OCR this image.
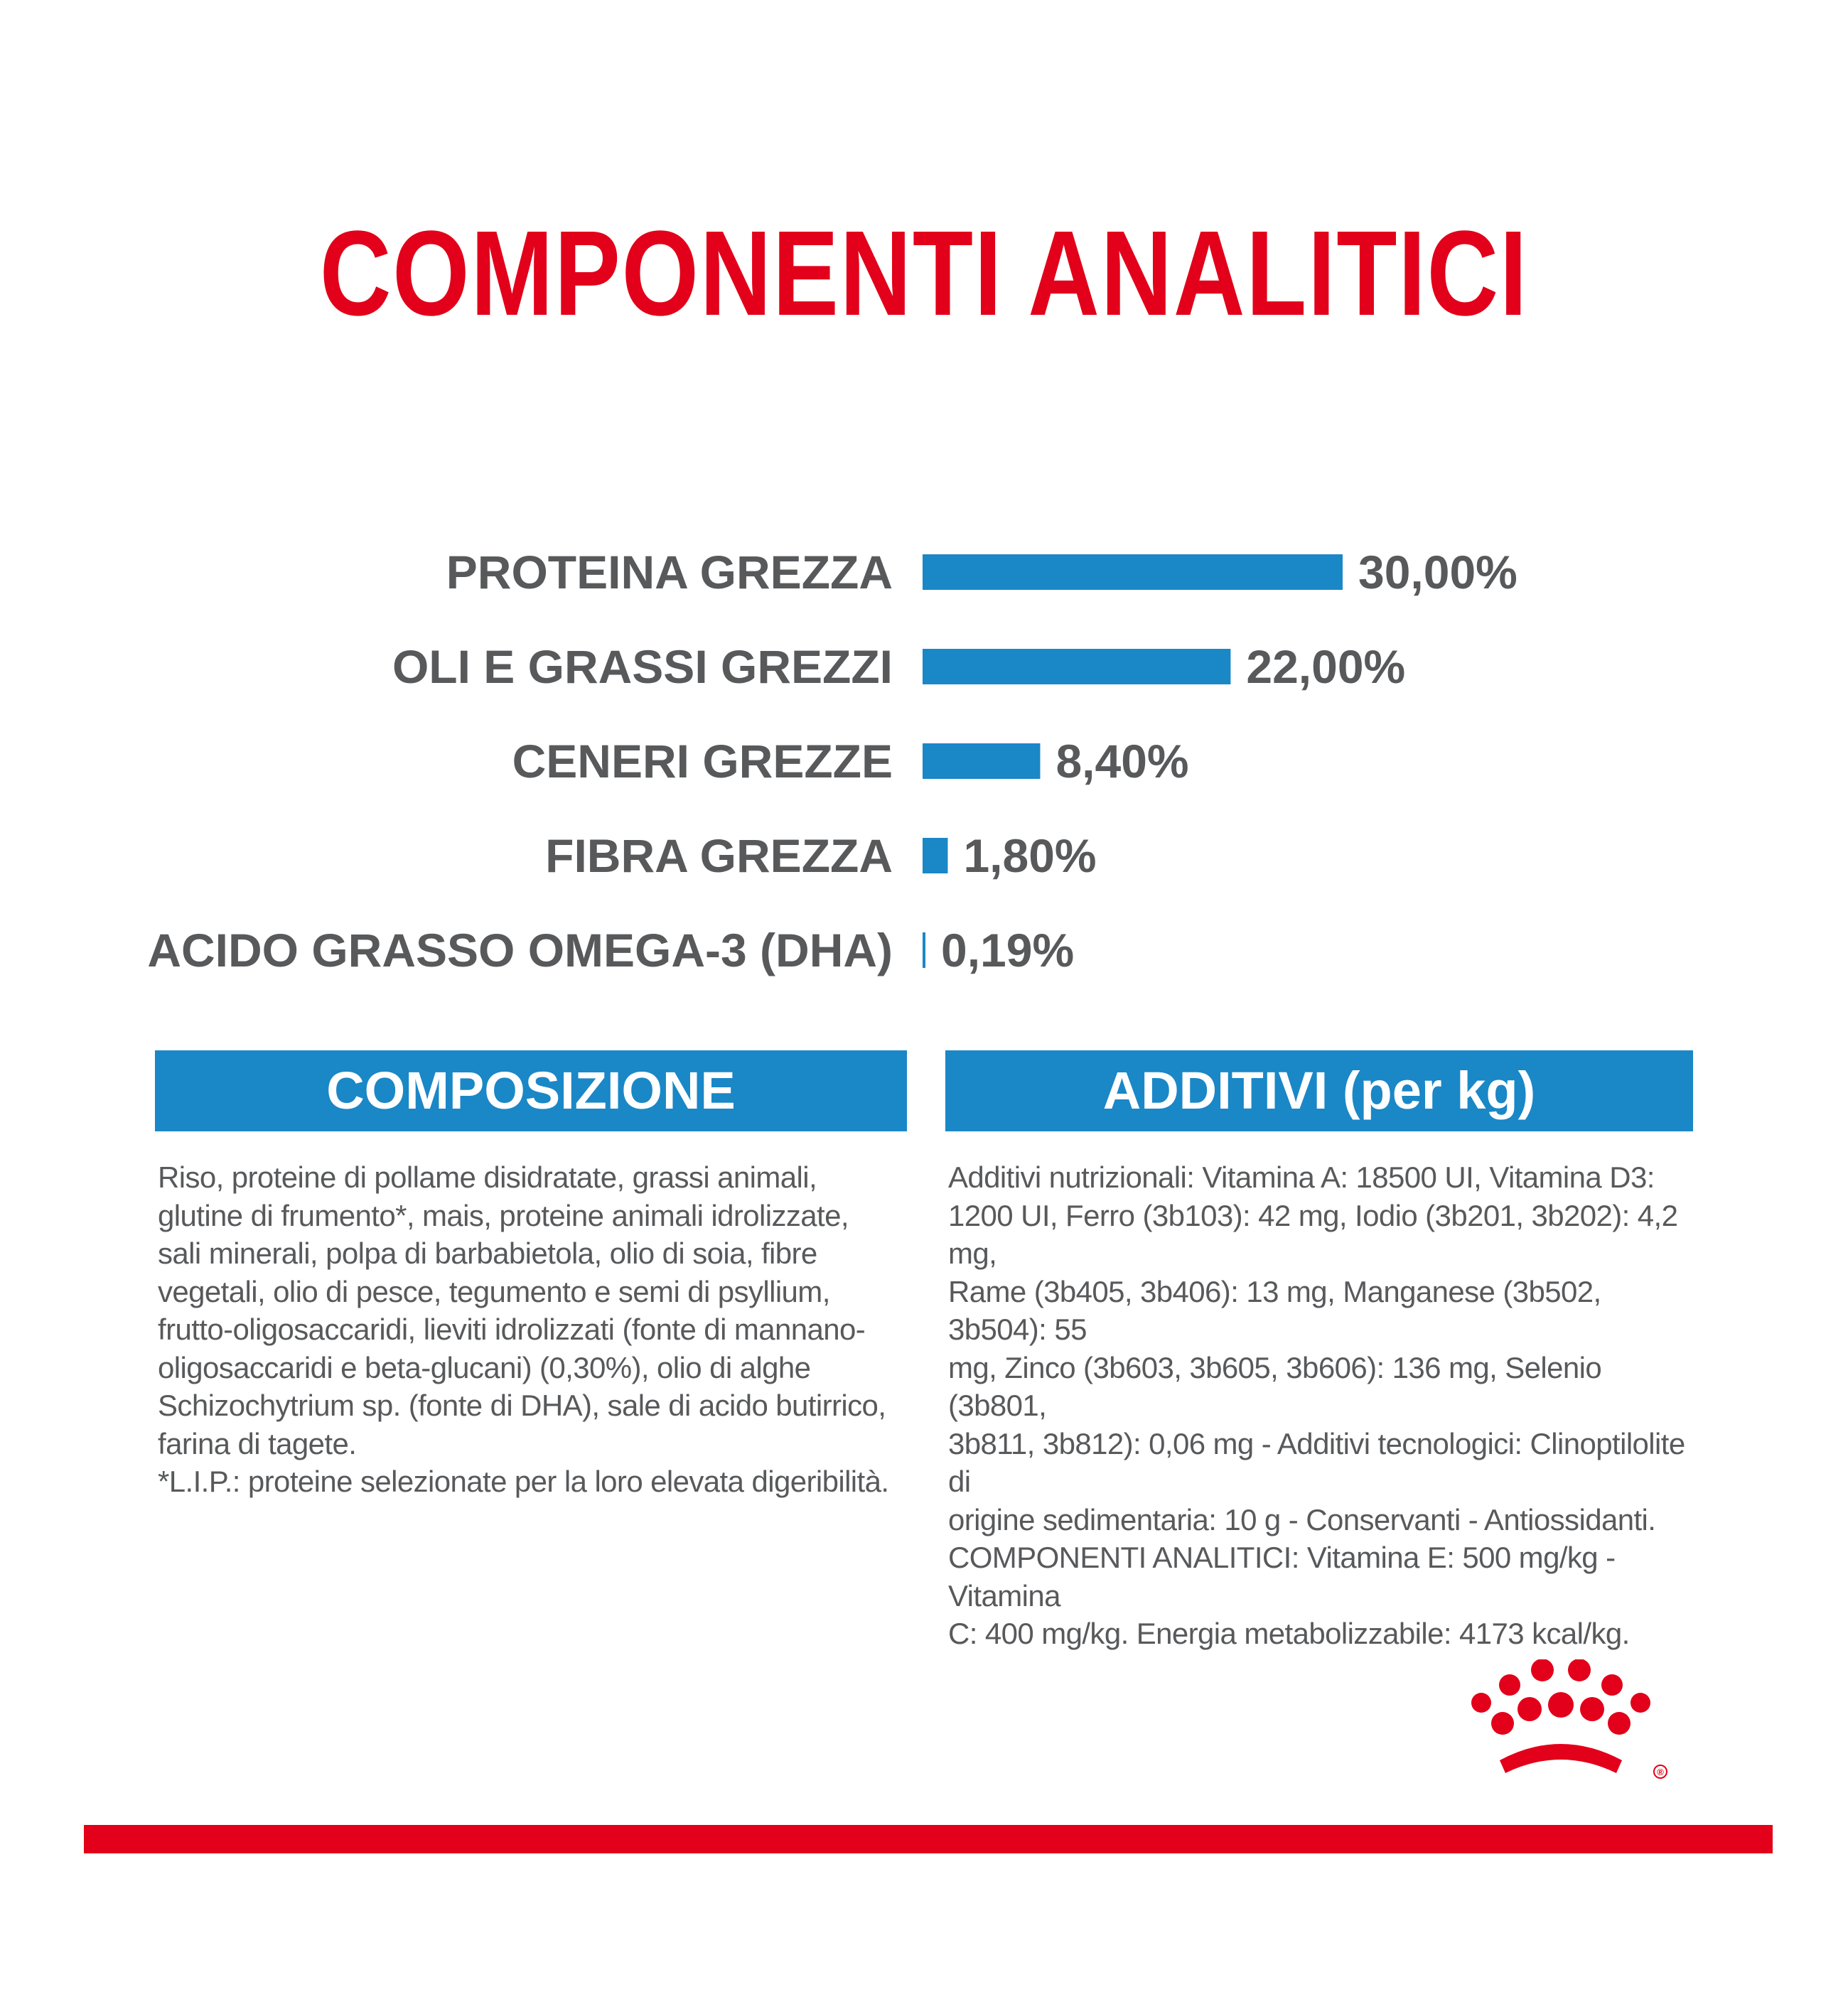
COMPONENTI ANALITICI
PROTEINA GREZZA	30,00%
OLI E GRASSI GREZZI	22,00%
CENERI GREZZE	8,40%
FIBRA GREZZA 1,80%
ACIDO GRASSO OMEGA-3 (DHA) 0,19%
COMPOSIZIONE
Riso, proteine di pollame disidratate, grassi animali,
glutine di frumento*, mais, proteine animali idrolizzate,
sali minerali, polpa di barbabietola, olio di soia, fibre
vegetali, olio di pesce, tegumento e semi di psyllium,
frutto-oligosaccaridi, lieviti idrolizzati (fonte di mannano-
oligosaccaridi e beta-glucani) (0,30%), olio di alghe
Schizochytrium sp. (fonte di DHA), sale di acido butirrico,
farina di tagete.
*L.I.P.: proteine selezionate per la loro elevata digeribilità.
ADDITIVI (per kg)
Additivi nutrizionali: Vitamina A: 18500 UI, Vitamina D3:
1200 UI, Ferro (3b103): 42 mg, Iodio (3b201, 3b202): 4,2 mg,
Rame (3b405, 3b406): 13 mg, Manganese (3b502, 3b504): 55
mg, Zinco (3b603, 3b605, 3b606): 136 mg, Selenio (3b801,
3b811, 3b812): 0,06 mg - Additivi tecnologici: Clinoptilolite di
origine sedimentaria: 10 g - Conservanti - Antiossidanti.
COMPONENTI ANALITICI: Vitamina E: 500 mg/kg - Vitamina
C: 400 mg/kg. Energia metabolizzabile: 4173 kcal/kg.
®
